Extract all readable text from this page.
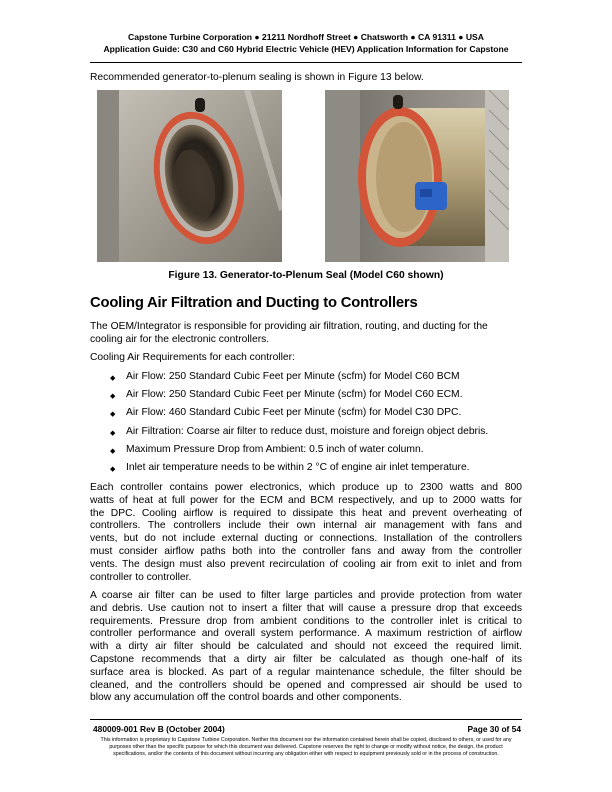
Capstone Turbine Corporation ● 21211 Nordhoff Street ● Chatsworth ● CA 91311 ● USA
Application Guide: C30 and C60 Hybrid Electric Vehicle (HEV) Application Information for Capstone
Recommended generator-to-plenum sealing is shown in Figure 13 below.
Figure 13. Generator-to-Plenum Seal (Model C60 shown)
Cooling Air Filtration and Ducting to Controllers
The OEM/Integrator is responsible for providing air filtration, routing, and ducting for the cooling air for the electronic controllers.
Cooling Air Requirements for each controller:
◆ Air Flow: 250 Standard Cubic Feet per Minute (scfm) for Model C60 BCM
◆ Air Flow: 250 Standard Cubic Feet per Minute (scfm) for Model C60 ECM.
◆ Air Flow: 460 Standard Cubic Feet per Minute (scfm) for Model C30 DPC.
◆ Air Filtration: Coarse air filter to reduce dust, moisture and foreign object debris.
◆ Maximum Pressure Drop from Ambient: 0.5 inch of water column.
◆ Inlet air temperature needs to be within 2 °C of engine air inlet temperature.
Each controller contains power electronics, which produce up to 2300 watts and 800
watts of heat at full power for the ECM and BCM respectively, and up to 2000 watts for
the DPC. Cooling airflow is required to dissipate this heat and prevent overheating of
controllers. The controllers include their own internal air management with fans and
vents, but do not include external ducting or connections. Installation of the controllers
must consider airflow paths both into the controller fans and away from the controller
vents. The design must also prevent recirculation of cooling air from exit to inlet and from
controller to controller.
A coarse air filter can be used to filter large particles and provide protection from water
and debris. Use caution not to insert a filter that will cause a pressure drop that exceeds
requirements. Pressure drop from ambient conditions to the controller inlet is critical to
controller performance and overall system performance. A maximum restriction of airflow
with a dirty air filter should be calculated and should not exceed the required limit.
Capstone recommends that a dirty air filter be calculated as though one-half of its
surface area is blocked. As part of a regular maintenance schedule, the filter should be
cleaned, and the controllers should be opened and compressed air should be used to
blow any accumulation off the control boards and other components.
480009-001 Rev B (October 2004)	Page 30 of 54
This information is proprietary to Capstone Turbine Corporation. Neither this document nor the information contained herein shall be copied, disclosed to others, or used for any purposes other than the specific purpose for which this document was delivered. Capstone reserves the right to change or modify without notice, the design, the product specifications, and/or the contents of this document without incurring any obligation either with respect to equipment previously sold or in the process of construction.
